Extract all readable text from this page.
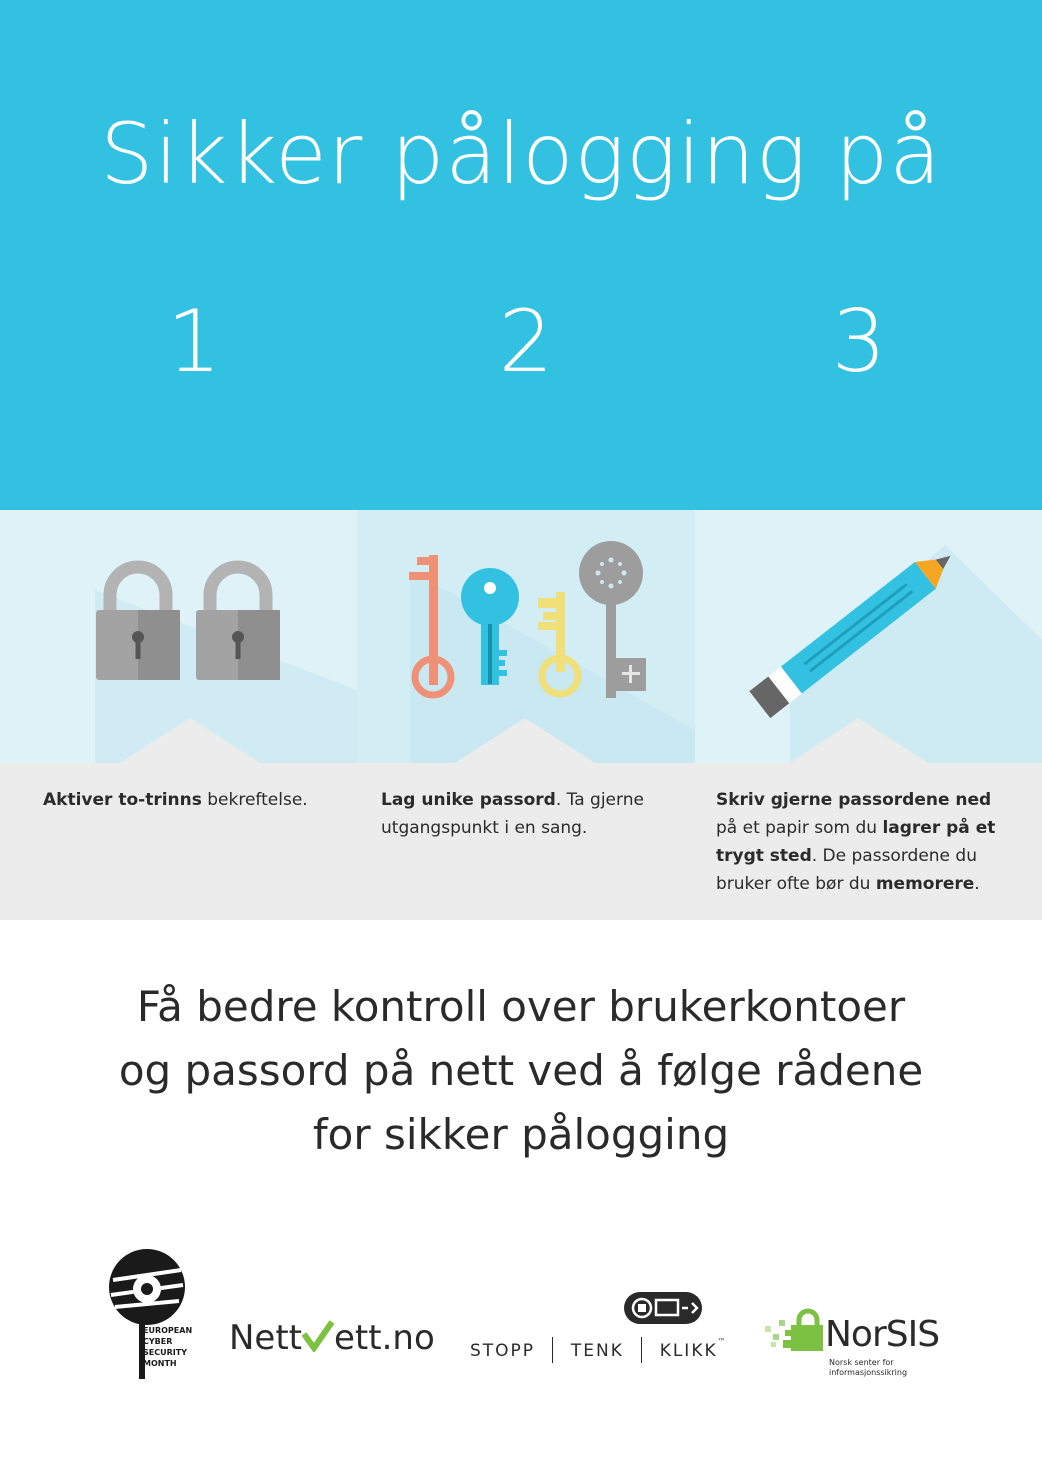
Sikker pålogging på
1	2	3
Aktiver to-trinns bekreftelse.	Lag unike passord. Ta gjerne
utgangspunkt i en sang.
Skriv gjerne passordene ned
på et papir som du lagrer på et
trygt sted. De passordene du
bruker ofte bør du memorere.
Få bedre kontroll over brukerkontoer
og passord på nett ved å følge rådene
for sikker pålogging
EUROPEAN
CYBER
SECURITY
MONTH
Nett ett.no STOPP TENK KLIKK™	NorSIS
Norsk senter for
informasjonssikring
